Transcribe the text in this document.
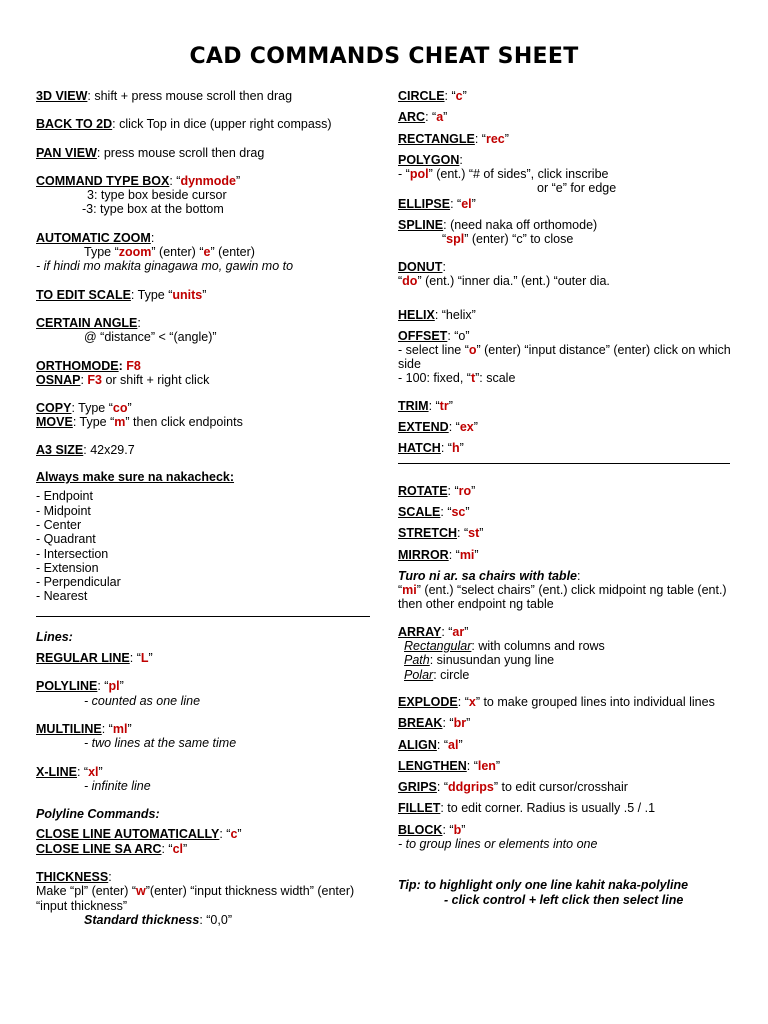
CAD COMMANDS CHEAT SHEET
3D VIEW: shift + press mouse scroll then drag
BACK TO 2D: click Top in dice (upper right compass)
PAN VIEW: press mouse scroll then drag
COMMAND TYPE BOX: “dynmode”
3: type box beside cursor
-3: type box at the bottom
AUTOMATIC ZOOM:
Type “zoom” (enter) “e” (enter)
- if hindi mo makita ginagawa mo, gawin mo to
TO EDIT SCALE: Type “units”
CERTAIN ANGLE:
@ “distance” < “(angle)”
ORTHOMODE: F8
OSNAP: F3 or shift + right click
COPY: Type “co”
MOVE: Type “m” then click endpoints
A3 SIZE: 42x29.7
Always make sure na nakacheck:
- Endpoint
- Midpoint
- Center
- Quadrant
- Intersection
- Extension
- Perpendicular
- Nearest
Lines:
REGULAR LINE: “L”
POLYLINE: “pl”
- counted as one line
MULTILINE: “ml”
- two lines at the same time
X-LINE: “xl”
- infinite line
Polyline Commands:
CLOSE LINE AUTOMATICALLY: “c”
CLOSE LINE SA ARC: “cl”
THICKNESS:
Make “pl” (enter) “w”(enter) “input thickness width” (enter)
“input thickness”
Standard thickness: “0,0”
CIRCLE: “c”
ARC: “a”
RECTANGLE: “rec”
POLYGON:
- “pol” (ent.) “# of sides”, click inscribe
or “e” for edge
ELLIPSE: “el”
SPLINE: (need naka off orthomode)
“spl” (enter) “c” to close
DONUT:
“do” (ent.) “inner dia.” (ent.) “outer dia.
HELIX: “helix”
OFFSET: “o”
- select line “o” (enter) “input distance” (enter) click on which side
- 100: fixed, “t”: scale
TRIM: “tr”
EXTEND: “ex”
HATCH: “h”
ROTATE: “ro”
SCALE: “sc”
STRETCH: “st”
MIRROR: “mi”
Turo ni ar. sa chairs with table:
“mi” (ent.) “select chairs” (ent.) click midpoint ng table (ent.) then other endpoint ng table
ARRAY: “ar”
Rectangular: with columns and rows
Path: sinusundan yung line
Polar: circle
EXPLODE: “x” to make grouped lines into individual lines
BREAK: “br”
ALIGN: “al”
LENGTHEN: “len”
GRIPS: “ddgrips” to edit cursor/crosshair
FILLET: to edit corner. Radius is usually .5 / .1
BLOCK: “b”
- to group lines or elements into one
Tip: to highlight only one line kahit naka-polyline
- click control + left click then select line
